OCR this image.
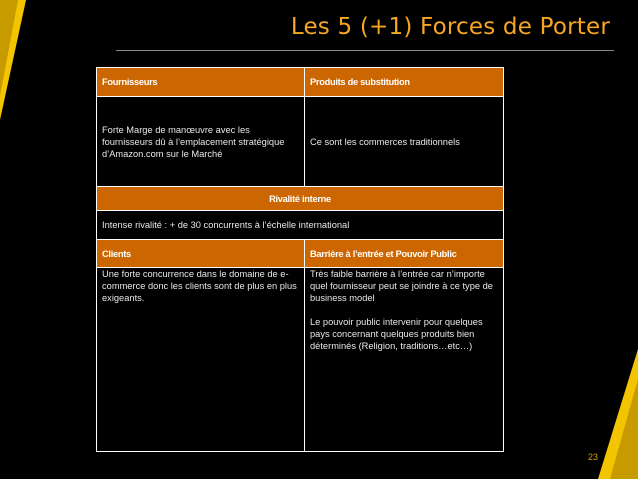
Les 5 (+1) Forces de Porter
Fournisseurs	Produits de substitution
Forte Marge de manœuvre avec les fournisseurs dû à l’emplacement stratégique d’Amazon.com sur le Marché	Ce sont les commerces traditionnels
Rivalité interne	
Intense rivalité : + de 30 concurrents à l’échelle international	
Clients	Barrière à l’entrée et Pouvoir Public
Une forte concurrence dans le domaine de e-commerce donc les clients sont de plus en plus exigeants.	Très faible barrière à l’entrée car n’importe quel fournisseur peut se joindre à ce type de business model
Le pouvoir public intervenir pour quelques pays concernant quelques produits bien déterminés (Religion, traditions…etc…)
23
